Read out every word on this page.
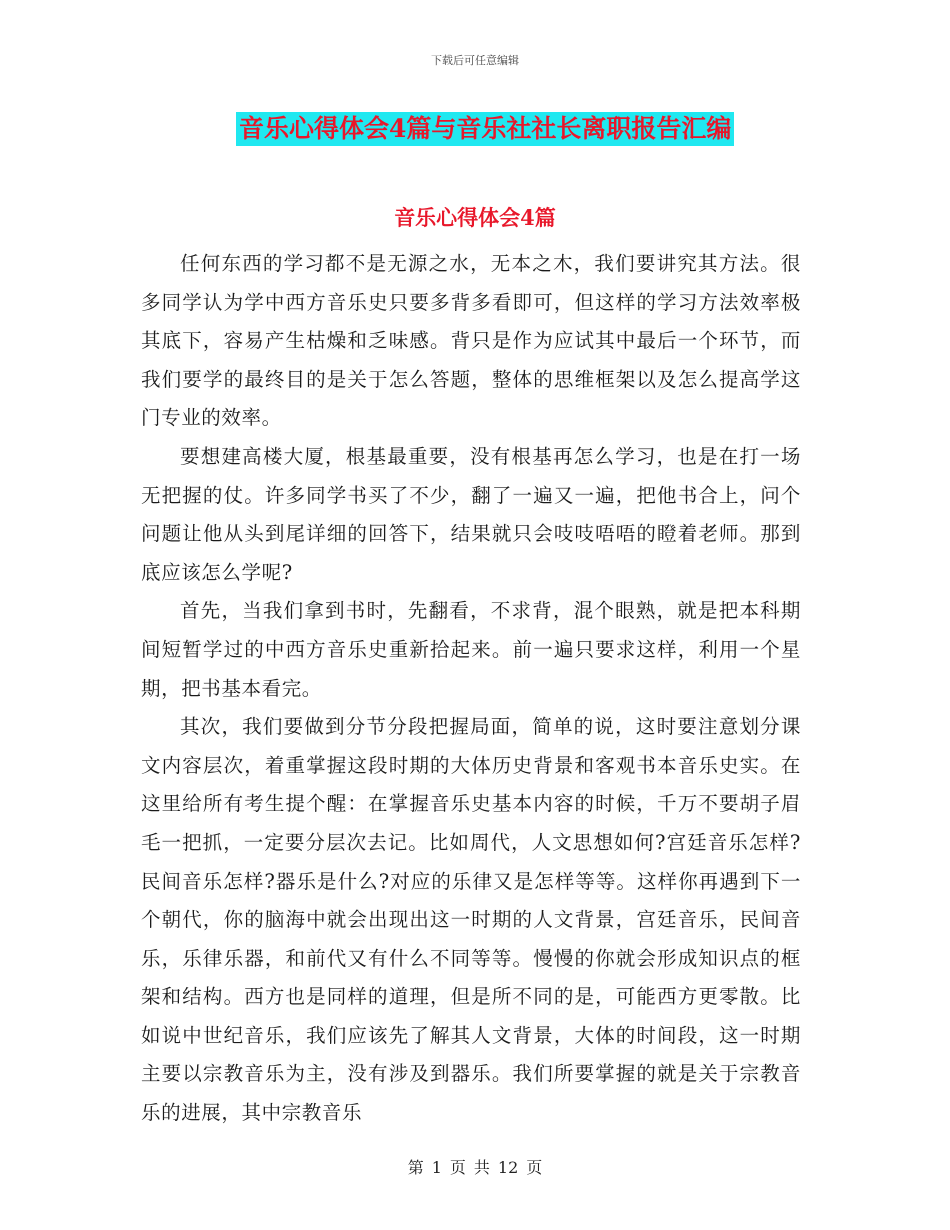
下载后可任意编辑
音乐心得体会4篇与音乐社社长离职报告汇编
音乐心得体会4篇

任何东西的学习都不是无源之水，无本之木，我们要讲究其方法。很多同学认为学中西方音乐史只要多背多看即可，但这样的学习方法效率极其底下，容易产生枯燥和乏味感。背只是作为应试其中最后一个环节，而我们要学的最终目的是关于怎么答题，整体的思维框架以及怎么提高学这门专业的效率。

要想建高楼大厦，根基最重要，没有根基再怎么学习，也是在打一场无把握的仗。许多同学书买了不少，翻了一遍又一遍，把他书合上，问个问题让他从头到尾详细的回答下，结果就只会吱吱唔唔的瞪着老师。那到底应该怎么学呢?

首先，当我们拿到书时，先翻看，不求背，混个眼熟，就是把本科期间短暂学过的中西方音乐史重新拾起来。前一遍只要求这样，利用一个星期，把书基本看完。

其次，我们要做到分节分段把握局面，简单的说，这时要注意划分课文内容层次，着重掌握这段时期的大体历史背景和客观书本音乐史实。在这里给所有考生提个醒：在掌握音乐史基本内容的时候，千万不要胡子眉毛一把抓，一定要分层次去记。比如周代，人文思想如何?宫廷音乐怎样?民间音乐怎样?器乐是什么?对应的乐律又是怎样等等。这样你再遇到下一个朝代，你的脑海中就会出现出这一时期的人文背景，宫廷音乐，民间音乐，乐律乐器，和前代又有什么不同等等。慢慢的你就会形成知识点的框架和结构。西方也是同样的道理，但是所不同的是，可能西方更零散。比如说中世纪音乐，我们应该先了解其人文背景，大体的时间段，这一时期主要以宗教音乐为主，没有涉及到器乐。我们所要掌握的就是关于宗教音乐的进展，其中宗教音乐

第 1 页 共 12 页
